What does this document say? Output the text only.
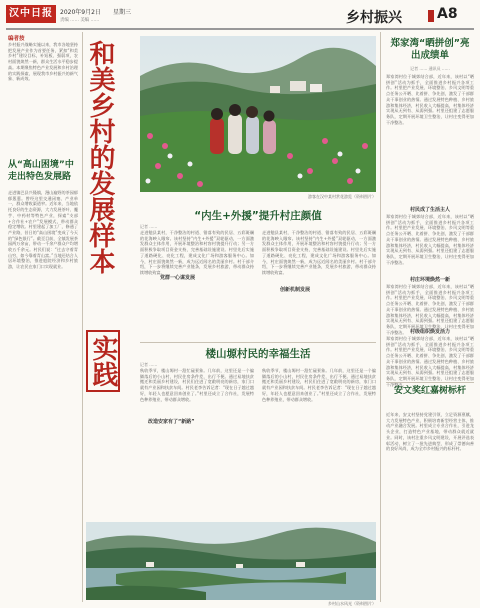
汉中日报	2020年9月2日 星期三
责编 …… 美编 ……	乡村振兴	A8
编者按
乡村振兴战略实施以来，我市各地坚持把发展产业作为首要任务，紧扣“和美乡村”建设目标，补短板、强弱项，农村面貌焕然一新，群众生活水平稳步提高。本期聚焦特色产业发展和乡村治理的实践探索，展现我市乡村振兴的新气象、新成效。
从“高山困境”中走出特色发展路
走进镇巴县兴隆镇，漫山遍野的茶园郁郁葱葱。曾经这里交通闭塞、产业单一，群众增收渠道窄。近年来，当地依托良好的生态资源，大力发展茶叶、魔芋、中药材等特色产业，探索“支部+合作社+农户”发展模式，带动群众稳定增收。村里建起了加工厂，修通了产业路，昔日的“高山困境”变成了今天的“绿色银行”。截至目前，全镇发展茶园两万余亩，带动一千余户群众户均增收五千余元。村民们说：“过去守着青山穷，如今靠着青山富。”当地还结合人居环境整治，推进庭院经济和乡村旅游，让农民在家门口实现就业。 和美乡村的发展样本
实践
游客在汉中某村赏花游览（资料图片）
“内生+外援”提升村庄颜值
记者 ……
党群一心谋发展
创新机制发展
走进勉县某村，干净整洁的村道、错落有致的民居、五彩斑斓的花海映入眼帘。该村坚持“内生+外援”双轮驱动，一方面激发群众主体作用，开展环境整治和村容村貌提升行动；另一方面积极争取项目资金支持，完善基础设施建设。村里先后实施了道路硬化、亮化工程，建成文化广场和游客服务中心。如今，村庄面貌焕然一新，成为远近闻名的美丽乡村。村干部介绍，下一步将继续完善产业链条，发展乡村旅游，带动群众持续增收致富。
走进勉县某村，干净整洁的村道、错落有致的民居、五彩斑斓的花海映入眼帘。该村坚持“内生+外援”双轮驱动，一方面激发群众主体作用，开展环境整治和村容村貌提升行动；另一方面积极争取项目资金支持，完善基础设施建设。村里先后实施了道路硬化、亮化工程，建成文化广场和游客服务中心。如今，村庄面貌焕然一新，成为远近闻名的美丽乡村。村干部介绍，下一步将继续完善产业链条，发展乡村旅游，带动群众持续增收致富。
楼山塬村民的幸福生活
记者 ……
改造安家有了“新路”
秋收季节，楼山塬村一派忙碌景象。几年前，这里还是一个偏僻落后的小山村，村民住房条件差，出行不便。通过易地扶贫搬迁和美丽乡村建设，村民们住进了宽敞明亮的新房，家门口就有产业园和扶贫车间。村民老李告诉记者：“现在日子越过越好，年轻人也愿意回来创业了。”村里还成立了合作社，发展特色种养殖业，带动群众增收。
秋收季节，楼山塬村一派忙碌景象。几年前，这里还是一个偏僻落后的小山村，村民住房条件差，出行不便。通过易地扶贫搬迁和美丽乡村建设，村民们住进了宽敞明亮的新房，家门口就有产业园和扶贫车间。村民老李告诉记者：“现在日子越过越好，年轻人也愿意回来创业了。”村里还成立了合作社，发展特色种养殖业，带动群众增收。
乡村山水风光（资料图片）
郑家湾“晒拼创”亮出成绩单
记者 …… 通讯员 ……
郑家湾村位于城郊结合部，近年来，该村以“晒拼创”活动为抓手，全面推进乡村振兴各项工作。村里把产业发展、环境整治、乡风文明等重点任务公开晒、比着拼、争先创，激发了干部群众干事创业的热情。通过发展特色种植、乡村旅游和集体经济，村民收入大幅提高，村集体经济实现从无到有、从弱到强。村里还组建了志愿服务队，定期开展环境卫生整治，让村庄变得更加干净整洁。
村民成了生活主人
郑家湾村位于城郊结合部，近年来，该村以“晒拼创”活动为抓手，全面推进乡村振兴各项工作。村里把产业发展、环境整治、乡风文明等重点任务公开晒、比着拼、争先创，激发了干部群众干事创业的热情。通过发展特色种植、乡村旅游和集体经济，村民收入大幅提高，村集体经济实现从无到有、从弱到强。村里还组建了志愿服务队，定期开展环境卫生整治，让村庄变得更加干净整洁。
村庄环境焕然一新
郑家湾村位于城郊结合部，近年来，该村以“晒拼创”活动为抓手，全面推进乡村振兴各项工作。村里把产业发展、环境整治、乡风文明等重点任务公开晒、比着拼、争先创，激发了干部群众干事创业的热情。通过发展特色种植、乡村旅游和集体经济，村民收入大幅提高，村集体经济实现从无到有、从弱到强。村里还组建了志愿服务队，定期开展环境卫生整治，让村庄变得更加干净整洁。 村级组织焕发活力
郑家湾村位于城郊结合部，近年来，该村以“晒拼创”活动为抓手，全面推进乡村振兴各项工作。村里把产业发展、环境整治、乡风文明等重点任务公开晒、比着拼、争先创，激发了干部群众干事创业的热情。通过发展特色种植、乡村旅游和集体经济，村民收入大幅提高，村集体经济实现从无到有、从弱到强。村里还组建了志愿服务队，定期开展环境卫生整治，让村庄变得更加干净整洁。
安文奖红嘉树标杆
近年来，安文村坚持党建引领，立足资源禀赋，大力发展特色产业，积极培育新型经营主体，推动产业融合发展。村里成立专业合作社，引进龙头企业，打造特色产业基地，带动群众就近就业。同时，该村注重乡风文明建设，开展评选表彰活动，树立了一批先进典型，形成了崇德向善的良好风尚，成为全市乡村振兴的标杆村。
